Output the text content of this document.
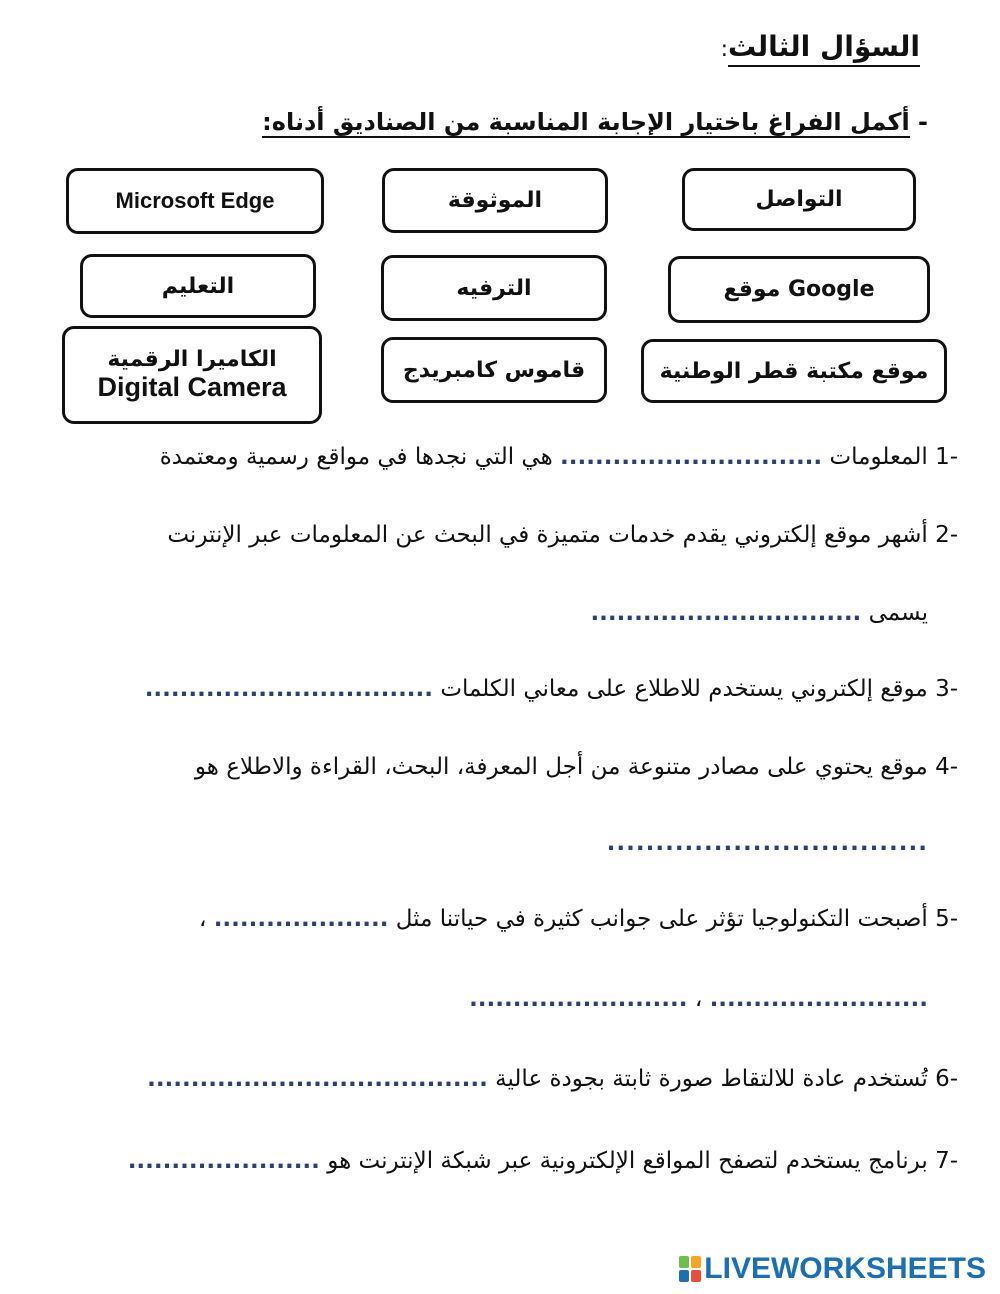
السؤال الثالث:
- أكمل الفراغ باختيار الإجابة المناسبة من الصناديق أدناه:
التواصل
الموثوقة
Microsoft Edge
موقع Google
الترفيه
التعليم
موقع مكتبة قطر الوطنية
قاموس كامبريدج
الكاميرا الرقمية
Digital Camera
1- المعلومات .............................. هي التي نجدها في مواقع رسمية ومعتمدة
2- أشهر موقع إلكتروني يقدم خدمات متميزة في البحث عن المعلومات عبر الإنترنت
يسمى ...............................
3- موقع إلكتروني يستخدم للاطلاع على معاني الكلمات .................................
4- موقع يحتوي على مصادر متنوعة من أجل المعرفة، البحث، القراءة والاطلاع هو
.................................
5- أصبحت التكنولوجيا تؤثر على جوانب كثيرة في حياتنا مثل .................... ،
......................... ، .........................
6- تُستخدم عادة للالتقاط صورة ثابتة بجودة عالية .......................................
7- برنامج يستخدم لتصفح المواقع الإلكترونية عبر شبكة الإنترنت هو ......................
LIVEWORKSHEETS
